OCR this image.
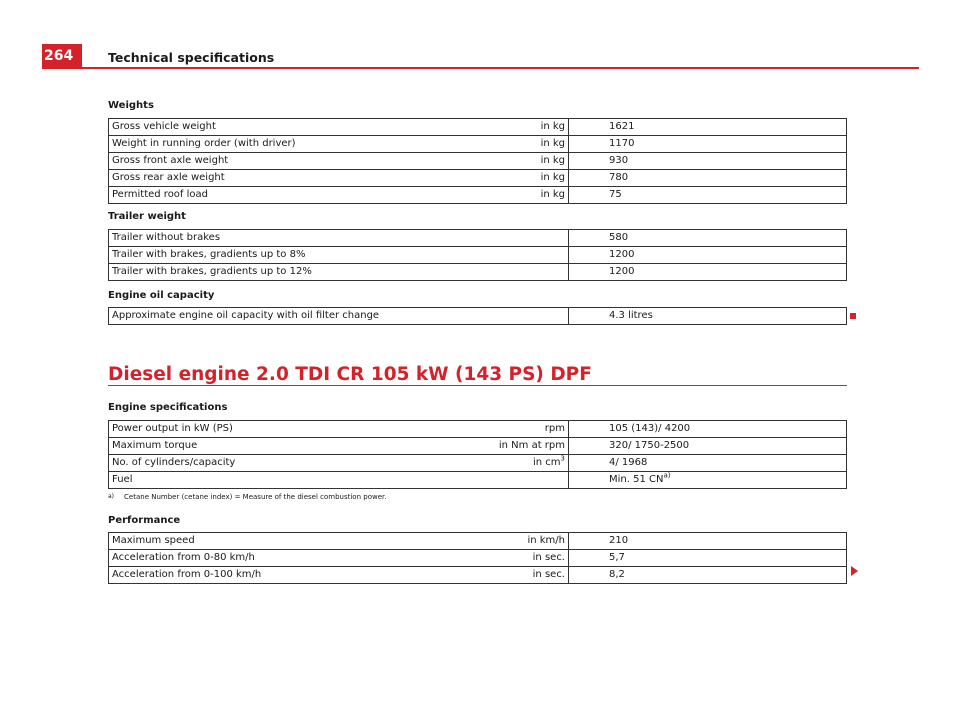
264	Technical specifications
Weights
Gross vehicle weight	in kg	1621
Weight in running order (with driver)	in kg	1170
Gross front axle weight	in kg	930
Gross rear axle weight	in kg	780
Permitted roof load	in kg	75
Trailer weight
Trailer without brakes		580
Trailer with brakes, gradients up to 8%		1200
Trailer with brakes, gradients up to 12%		1200
Engine oil capacity
Approximate engine oil capacity with oil filter change		4.3 litres
Diesel engine 2.0 TDI CR 105 kW (143 PS) DPF
Engine specifications
Power output in kW (PS)	rpm	105 (143)/ 4200
Maximum torque	in Nm at rpm	320/ 1750-2500
No. of cylinders/capacity	in $cm^3$	4/ 1968
Fuel		Min. 51 CN$^{a)}$
a) Cetane Number (cetane index) = Measure of the diesel combustion power.
Performance
Maximum speed	in km/h	210
Acceleration from 0-80 km/h	in sec.	5,7
Acceleration from 0-100 km/h	in sec.	8,2
